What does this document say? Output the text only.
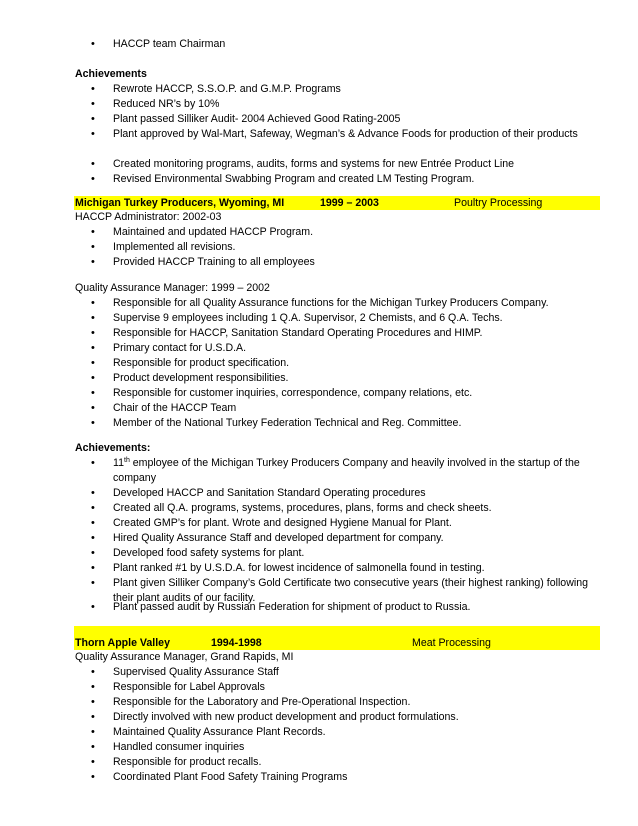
• HACCP team Chairman
Achievements
• Rewrote HACCP, S.S.O.P. and G.M.P. Programs
• Reduced NR’s by 10%
• Plant passed Silliker Audit- 2004 Achieved Good Rating-2005
• Plant approved by Wal-Mart, Safeway, Wegman’s & Advance Foods for production of their products
• Created monitoring programs, audits, forms and systems for new Entrée Product Line
• Revised Environmental Swabbing Program and created LM Testing Program.
Michigan Turkey Producers, Wyoming, MI	1999 – 2003	Poultry Processing
HACCP Administrator: 2002-03
• Maintained and updated HACCP Program.
• Implemented all revisions.
• Provided HACCP Training to all employees
Quality Assurance Manager: 1999 – 2002
• Responsible for all Quality Assurance functions for the Michigan Turkey Producers Company.
• Supervise 9 employees including 1 Q.A. Supervisor, 2 Chemists, and 6 Q.A. Techs.
• Responsible for HACCP, Sanitation Standard Operating Procedures and HIMP.
• Primary contact for U.S.D.A.
• Responsible for product specification.
• Product development responsibilities.
• Responsible for customer inquiries, correspondence, company relations, etc.
• Chair of the HACCP Team
• Member of the National Turkey Federation Technical and Reg. Committee.
Achievements:
• 11th employee of the Michigan Turkey Producers Company and heavily involved in the startup of the company
• Developed HACCP and Sanitation Standard Operating procedures
• Created all Q.A. programs, systems, procedures, plans, forms and check sheets.
• Created GMP’s for plant. Wrote and designed Hygiene Manual for Plant.
• Hired Quality Assurance Staff and developed department for company.
• Developed food safety systems for plant.
• Plant ranked #1 by U.S.D.A. for lowest incidence of salmonella found in testing.
• Plant given Silliker Company’s Gold Certificate two consecutive years (their highest ranking) following their plant audits of our facility.
• Plant passed audit by Russian Federation for shipment of product to Russia.
Thorn Apple Valley	1994-1998	Meat Processing
Quality Assurance Manager, Grand Rapids, MI
• Supervised Quality Assurance Staff
• Responsible for Label Approvals
• Responsible for the Laboratory and Pre-Operational Inspection.
• Directly involved with new product development and product formulations.
• Maintained Quality Assurance Plant Records.
• Handled consumer inquiries
• Responsible for product recalls.
• Coordinated Plant Food Safety Training Programs
